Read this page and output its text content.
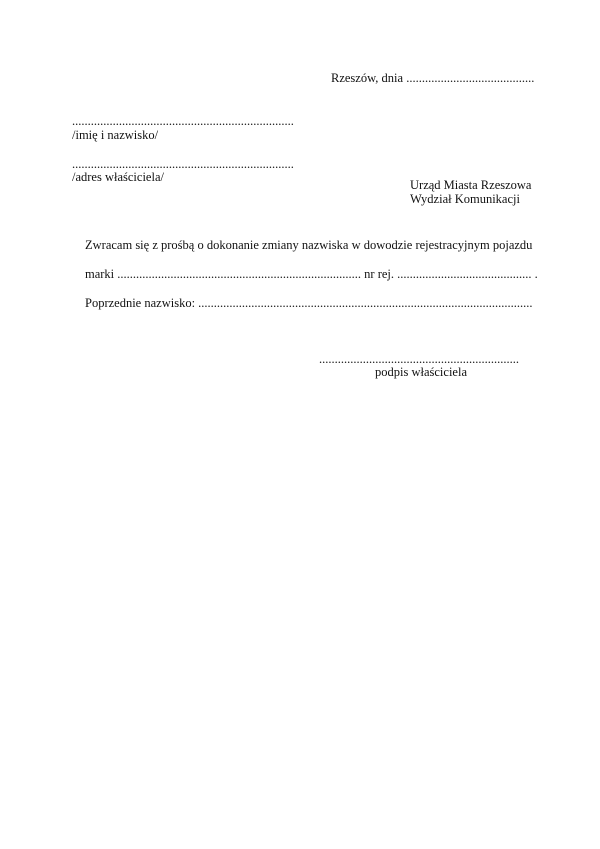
Rzeszów, dnia .........................................
.......................................................................
/imię i nazwisko/
.......................................................................
/adres właściciela/
Urząd Miasta Rzeszowa
Wydział Komunikacji
Zwracam się z prośbą o dokonanie zmiany nazwiska w dowodzie rejestracyjnym pojazdu
marki .............................................................................. nr rej. ........................................... .
Poprzednie nazwisko: ...........................................................................................................
................................................................
podpis właściciela
